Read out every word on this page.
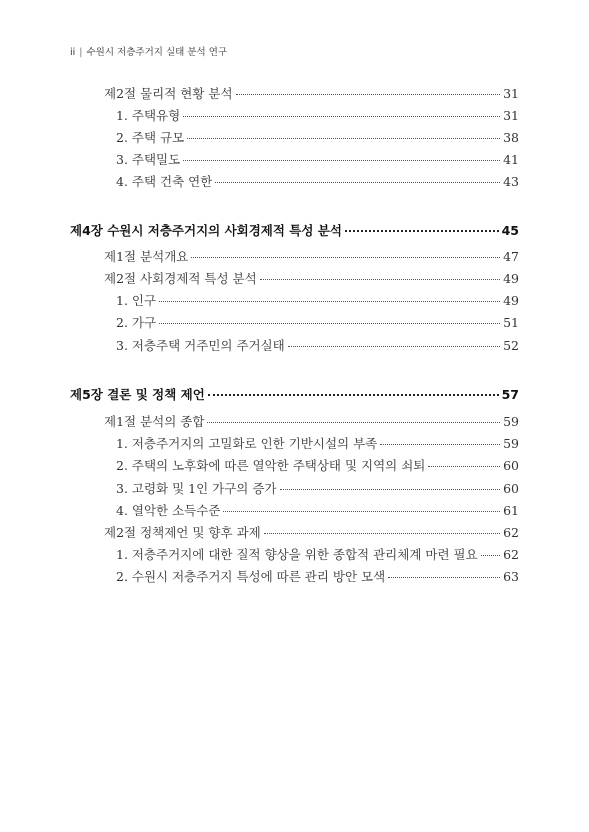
ii | 수원시 저층주거지 실태 분석 연구
제2절 물리적 현황 분석	31
1. 주택유형	31
2. 주택 규모	38
3. 주택밀도	41
4. 주택 건축 연한	43
제4장 수원시 저층주거지의 사회경제적 특성 분석	45
제1절 분석개요	47
제2절 사회경제적 특성 분석	49
1. 인구	49
2. 가구	51
3. 저층주택 거주민의 주거실태	52
제5장 결론 및 정책 제언	57
제1절 분석의 종합	59
1. 저층주거지의 고밀화로 인한 기반시설의 부족	59
2. 주택의 노후화에 따른 열악한 주택상태 및 지역의 쇠퇴	60
3. 고령화 및 1인 가구의 증가	60
4. 열악한 소득수준	61
제2절 정책제언 및 향후 과제	62
1. 저층주거지에 대한 질적 향상을 위한 종합적 관리체계 마련 필요 62
2. 수원시 저층주거지 특성에 따른 관리 방안 모색	63
